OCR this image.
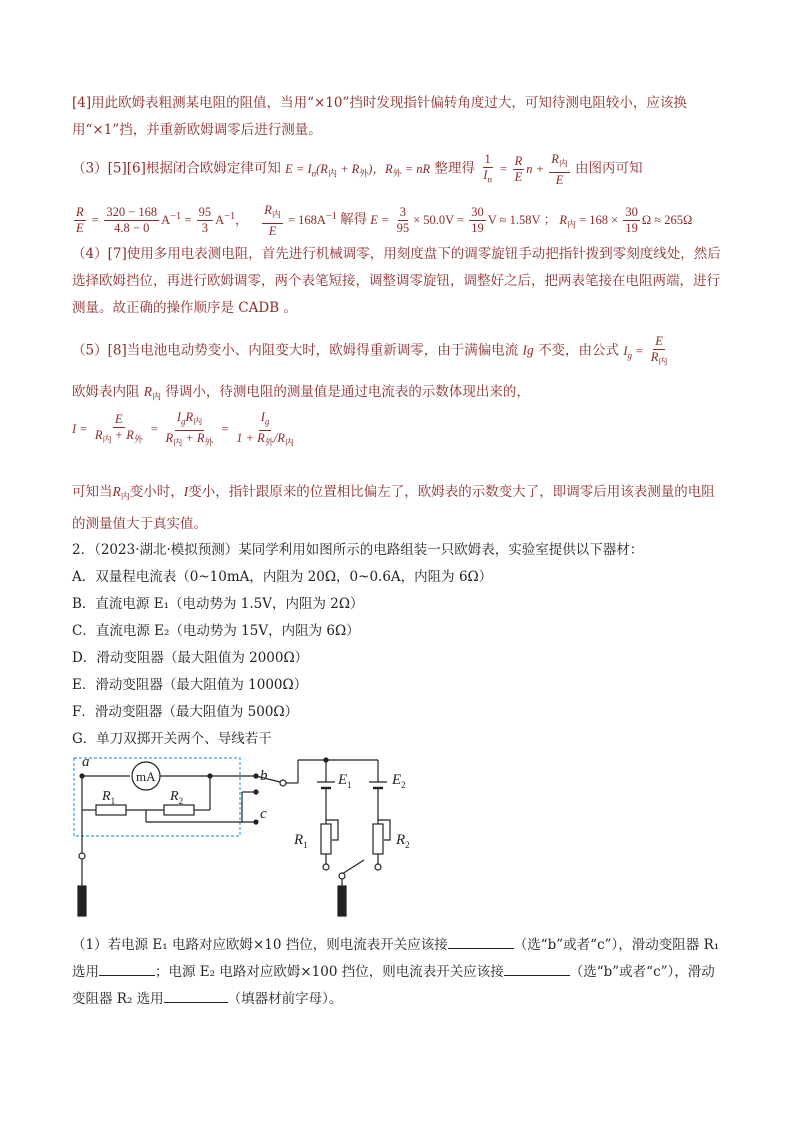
[4]用此欧姆表粗测某电阻的阻值，当用“×10”挡时发现指针偏转角度过大，可知待测电阻较小，应该换用“×1”挡，并重新欧姆调零后进行测量。
（3）[5][6]根据闭合欧姆定律可知 $E = I_n(R_内 + R_外)$，$R_外$ = nR 整理得 $\frac{1}{I_n} = \frac{R}{E}$ $n + \frac{R_内}{E}$ 由图丙可知
$\frac{R}{E} = \frac{320 - 168}{4.8 - 0} A^{-1} = \frac{95}{3} A^{-1}$， $\frac{R_内}{E} = 168A^{-1}$ 解得 $E = \frac{3}{95} \times 50.0V = \frac{30}{19}$ V ≈ 1.58V ； $R_内 = 168 \times \frac{30}{19}$ Ω ≈ 265Ω
（4）[7]使用多用电表测电阻，首先进行机械调零，用刻度盘下的调零旋钮手动把指针拨到零刻度线处，然后选择欧姆挡位，再进行欧姆调零，两个表笔短接，调整调零旋钮，调整好之后，把两表笔接在电阻两端，进行测量。故正确的操作顺序是 CADB 。
（5）[8]当电池电动势变小、内阻变大时，欧姆得重新调零，由于满偏电流 Ig 不变，由公式 $I_g = \frac{E}{R_内}$
欧姆表内阻 $R_内$ 得调小，待测电阻的测量值是通过电流表的示数体现出来的，
$I = \frac{E}{R_内 + R_外} = \frac{I_gR_内}{R_内 + R_外} = \frac{I_g}{1 + R_外/R_内}$
可知当$R_内$变小时，I变小，指针跟原来的位置相比偏左了，欧姆表的示数变大了，即调零后用该表测量的电阻的测量值大于真实值。
2．（2023·湖北·模拟预测）某同学利用如图所示的电路组装一只欧姆表，实验室提供以下器材：
A．双量程电流表（0~10mA，内阻为 20Ω，0~0.6A，内阻为 6Ω）
B．直流电源 E₁（电动势为 1.5V，内阻为 2Ω）
C．直流电源 E₂（电动势为 15V，内阻为 6Ω）
D．滑动变阻器（最大阻值为 2000Ω）
E．滑动变阻器（最大阻值为 1000Ω）
F．滑动变阻器（最大阻值为 500Ω）
G．单刀双掷开关两个、导线若干
mA
a
b
c
$R_1$	$R_2$
$E_1$	$E_2$
$R_1$	$R_2$
（1）若电源 E₁ 电路对应欧姆×10 挡位，则电流表开关应该接	（选“b”或者“c”），滑动变阻器 R₁
选用	；电源 E₂ 电路对应欧姆×100 挡位，则电流表开关应该接	（选“b”或者“c”），滑动
变阻器 R₂ 选用	（填器材前字母）。
